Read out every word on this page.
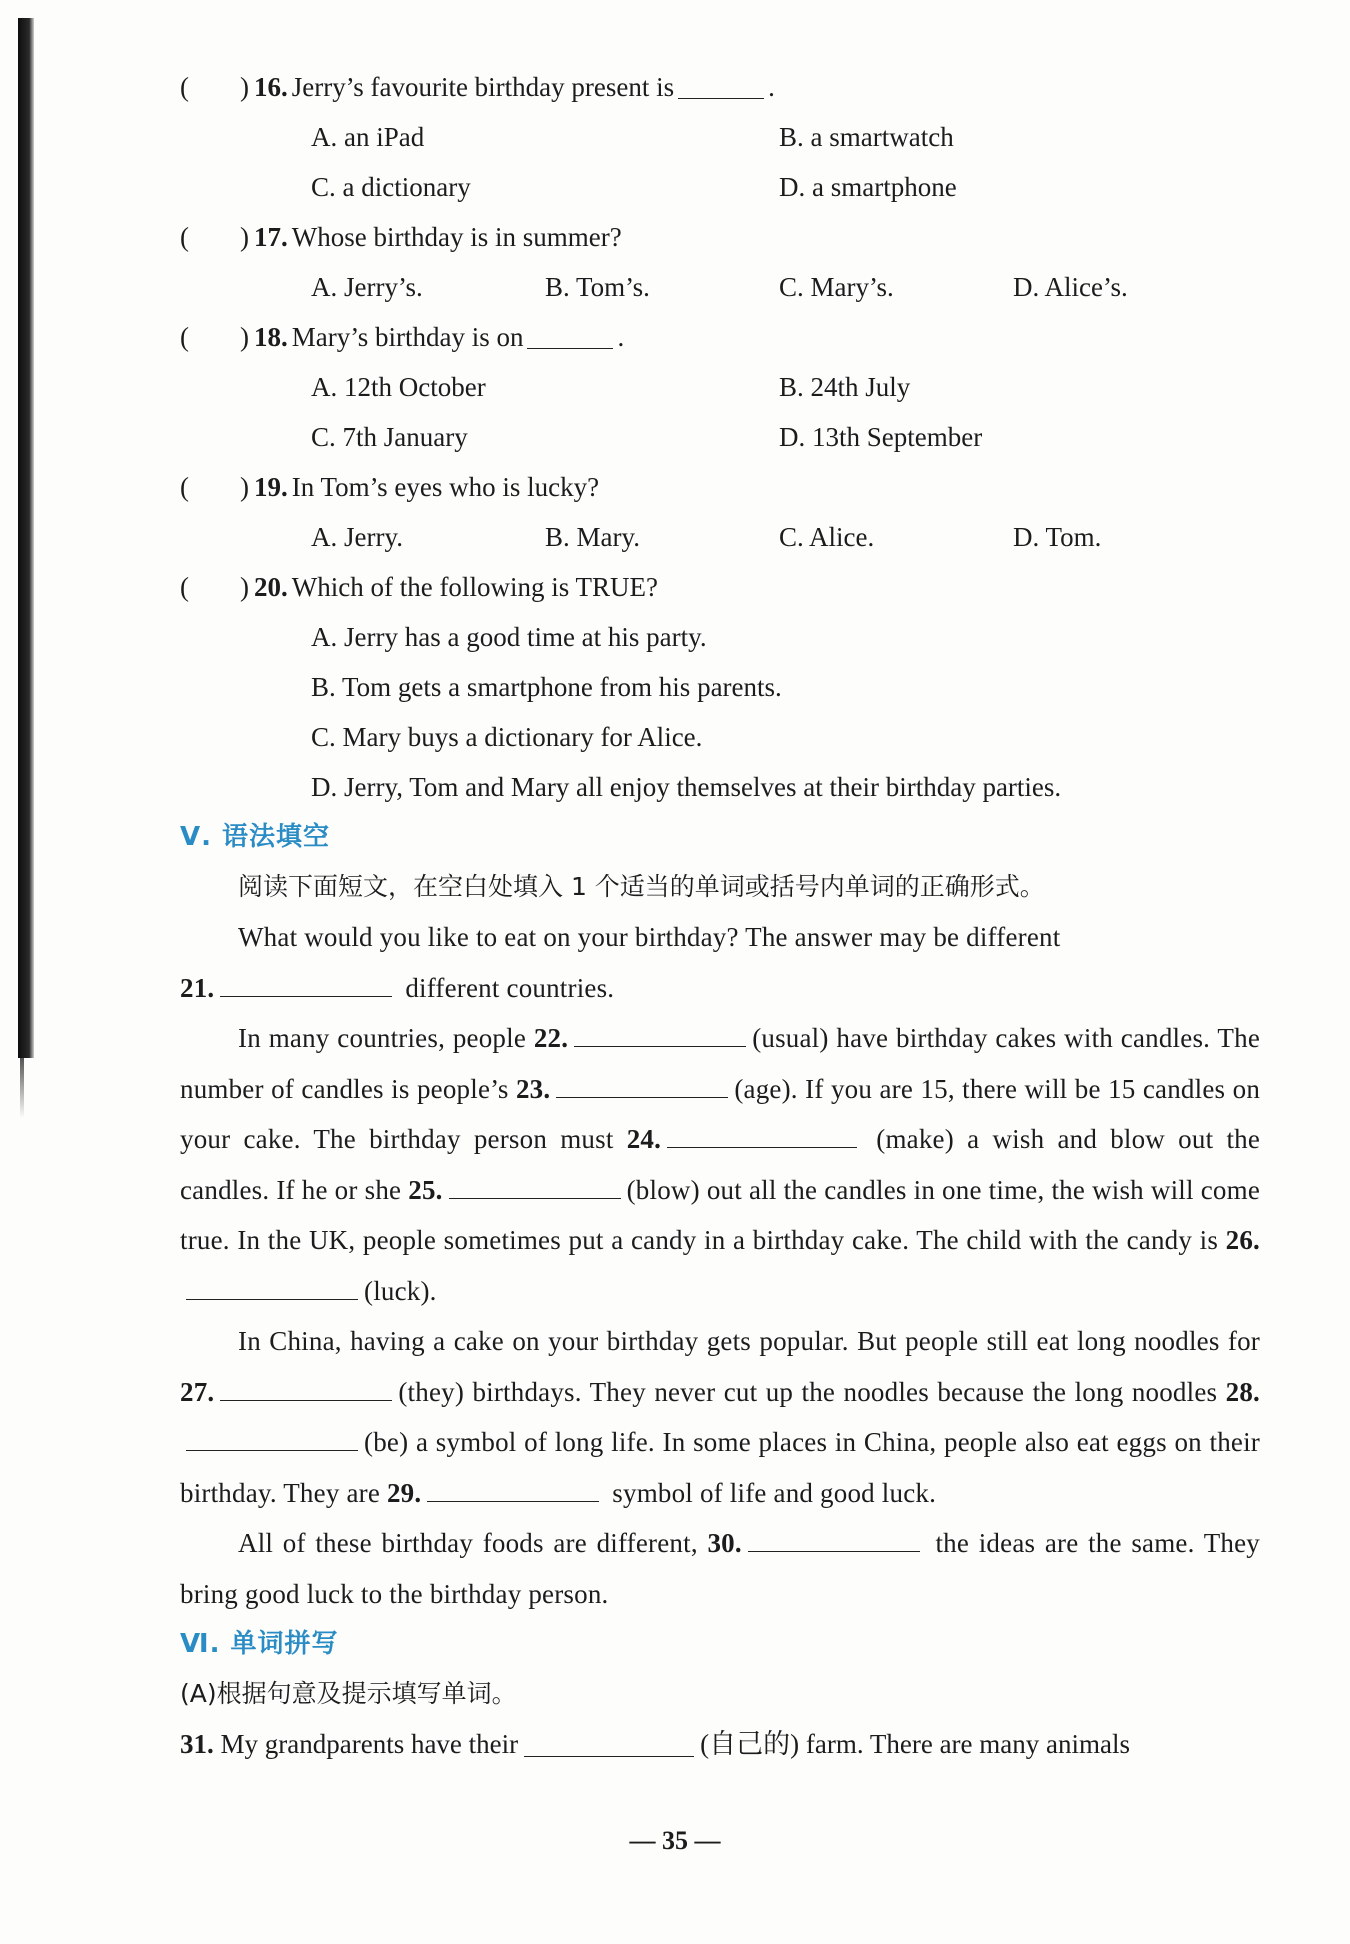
(	) 16. Jerry’s favourite birthday present is	.
A. an iPad	B. a smartwatch
C. a dictionary	D. a smartphone
(	) 17. Whose birthday is in summer?
A. Jerry’s.	B. Tom’s.	C. Mary’s.	D. Alice’s.
(	) 18. Mary’s birthday is on	.
A. 12th October	B. 24th July
C. 7th January	D. 13th September
(	) 19. In Tom’s eyes who is lucky?
A. Jerry.	B. Mary.	C. Alice.	D. Tom.
(	) 20. Which of the following is TRUE?
A. Jerry has a good time at his party.
B. Tom gets a smartphone from his parents.
C. Mary buys a dictionary for Alice.
D. Jerry, Tom and Mary all enjoy themselves at their birthday parties.
Ⅴ. 语法填空
阅读下面短文，在空白处填入 1 个适当的单词或括号内单词的正确形式。

What would you like to eat on your birthday? The answer may be different
21.	different countries.

In many countries, people 22.	(usual) have birthday cakes with candles. The number of candles is people’s 23.	(age). If you are 15, there will be 15 candles on your cake. The birthday person must 24.	(make) a wish and blow out the candles. If he or she 25.	(blow) out all the candles in one time, the wish will come true. In the UK, people sometimes put a candy in a birthday cake. The child with the candy is 26.(luck).

In China, having a cake on your birthday gets popular. But people still eat long noodles for 27.	(they) birthdays. They never cut up the noodles because the long noodles 28.(be) a symbol of long life. In some places in China, people also eat eggs on their birthday. They are 29.	symbol of life and good luck.

All of these birthday foods are different, 30.	the ideas are the same. They bring good luck to the birthday person.

Ⅵ. 单词拼写
(A)根据句意及提示填写单词。
31.
My grandparents have their	(自己的)
farm. There are many animals
— 35 —
